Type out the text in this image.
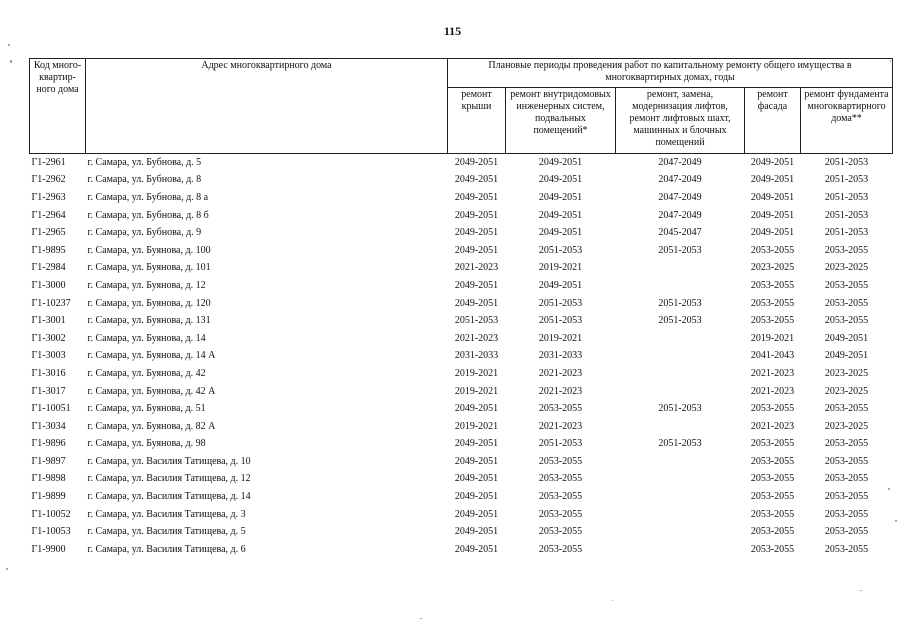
115
Код много-квартир-ного дома	Адрес многоквартирного дома	Плановые периоды проведения работ по капитальному ремонту общего имущества в многоквартирных домах, годы				
		ремонт крыши	ремонт внутридомовых инженерных систем, подвальных помещений*	ремонт, замена, модернизация лифтов, ремонт лифтовых шахт, машинных и блочных помещений	ремонт фасада	ремонт фундамента многоквартирного дома**
Г1-2961	г. Самара, ул. Бубнова, д. 5	2049-2051	2049-2051	2047-2049	2049-2051	2051-2053
Г1-2962	г. Самара, ул. Бубнова, д. 8	2049-2051	2049-2051	2047-2049	2049-2051	2051-2053
Г1-2963	г. Самара, ул. Бубнова, д. 8 а	2049-2051	2049-2051	2047-2049	2049-2051	2051-2053
Г1-2964	г. Самара, ул. Бубнова, д. 8 б	2049-2051	2049-2051	2047-2049	2049-2051	2051-2053
Г1-2965	г. Самара, ул. Бубнова, д. 9	2049-2051	2049-2051	2045-2047	2049-2051	2051-2053
Г1-9895	г. Самара, ул. Буянова, д. 100	2049-2051	2051-2053	2051-2053	2053-2055	2053-2055
Г1-2984	г. Самара, ул. Буянова, д. 101	2021-2023	2019-2021		2023-2025	2023-2025
Г1-3000	г. Самара, ул. Буянова, д. 12	2049-2051	2049-2051		2053-2055	2053-2055
Г1-10237	г. Самара, ул. Буянова, д. 120	2049-2051	2051-2053	2051-2053	2053-2055	2053-2055
Г1-3001	г. Самара, ул. Буянова, д. 131	2051-2053	2051-2053	2051-2053	2053-2055	2053-2055
Г1-3002	г. Самара, ул. Буянова, д. 14	2021-2023	2019-2021		2019-2021	2049-2051
Г1-3003	г. Самара, ул. Буянова, д. 14 А	2031-2033	2031-2033		2041-2043	2049-2051
Г1-3016	г. Самара, ул. Буянова, д. 42	2019-2021	2021-2023		2021-2023	2023-2025
Г1-3017	г. Самара, ул. Буянова, д. 42 А	2019-2021	2021-2023		2021-2023	2023-2025
Г1-10051	г. Самара, ул. Буянова, д. 51	2049-2051	2053-2055	2051-2053	2053-2055	2053-2055
Г1-3034	г. Самара, ул. Буянова, д. 82 А	2019-2021	2021-2023		2021-2023	2023-2025
Г1-9896	г. Самара, ул. Буянова, д. 98	2049-2051	2051-2053	2051-2053	2053-2055	2053-2055
Г1-9897	г. Самара, ул. Василия Татищева, д. 10	2049-2051	2053-2055		2053-2055	2053-2055
Г1-9898	г. Самара, ул. Василия Татищева, д. 12	2049-2051	2053-2055		2053-2055	2053-2055
Г1-9899	г. Самара, ул. Василия Татищева, д. 14	2049-2051	2053-2055		2053-2055	2053-2055
Г1-10052	г. Самара, ул. Василия Татищева, д. 3	2049-2051	2053-2055		2053-2055	2053-2055
Г1-10053	г. Самара, ул. Василия Татищева, д. 5	2049-2051	2053-2055		2053-2055	2053-2055
Г1-9900	г. Самара, ул. Василия Татищева, д. 6	2049-2051	2053-2055		2053-2055	2053-2055
